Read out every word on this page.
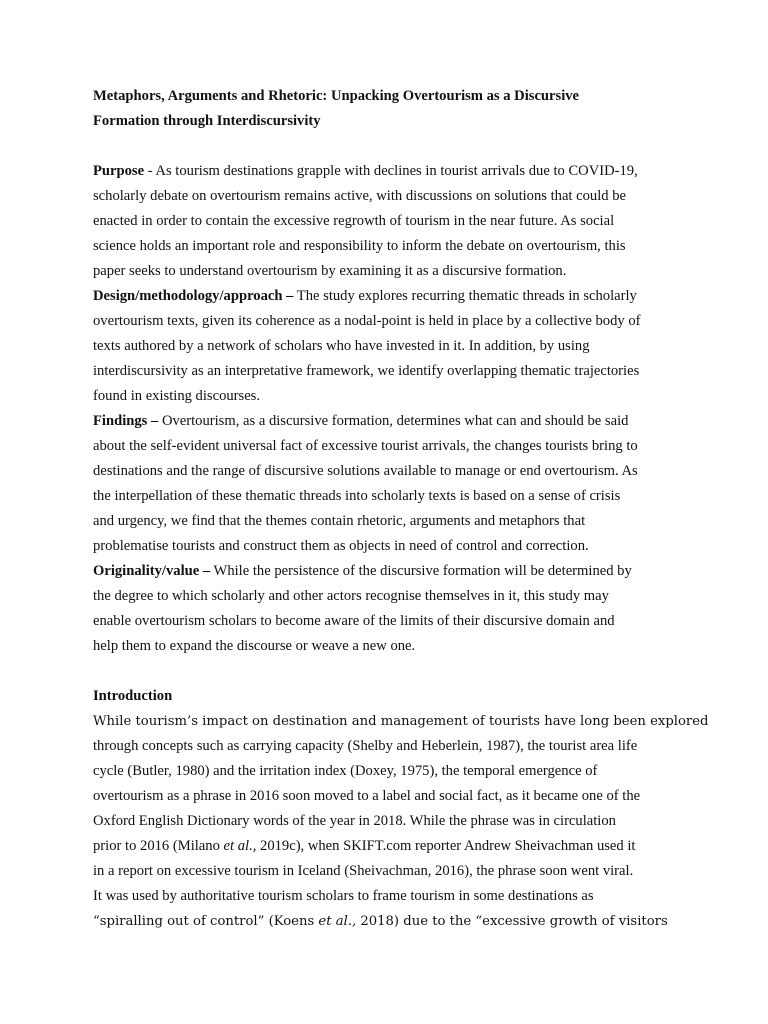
Metaphors, Arguments and Rhetoric: Unpacking Overtourism as a Discursive
Formation through Interdiscursivity
Purpose - As tourism destinations grapple with declines in tourist arrivals due to COVID-19,
scholarly debate on overtourism remains active, with discussions on solutions that could be
enacted in order to contain the excessive regrowth of tourism in the near future. As social
science holds an important role and responsibility to inform the debate on overtourism, this
paper seeks to understand overtourism by examining it as a discursive formation.
Design/methodology/approach – The study explores recurring thematic threads in scholarly
overtourism texts, given its coherence as a nodal-point is held in place by a collective body of
texts authored by a network of scholars who have invested in it. In addition, by using
interdiscursivity as an interpretative framework, we identify overlapping thematic trajectories
found in existing discourses.
Findings – Overtourism, as a discursive formation, determines what can and should be said
about the self-evident universal fact of excessive tourist arrivals, the changes tourists bring to
destinations and the range of discursive solutions available to manage or end overtourism. As
the interpellation of these thematic threads into scholarly texts is based on a sense of crisis
and urgency, we find that the themes contain rhetoric, arguments and metaphors that
problematise tourists and construct them as objects in need of control and correction.
Originality/value – While the persistence of the discursive formation will be determined by
the degree to which scholarly and other actors recognise themselves in it, this study may
enable overtourism scholars to become aware of the limits of their discursive domain and
help them to expand the discourse or weave a new one.
Introduction
While tourism’s impact on destination and management of tourists have long been explored
through concepts such as carrying capacity (Shelby and Heberlein, 1987), the tourist area life
cycle (Butler, 1980) and the irritation index (Doxey, 1975), the temporal emergence of
overtourism as a phrase in 2016 soon moved to a label and social fact, as it became one of the
Oxford English Dictionary words of the year in 2018. While the phrase was in circulation
prior to 2016 (Milano et al., 2019c), when SKIFT.com reporter Andrew Sheivachman used it
in a report on excessive tourism in Iceland (Sheivachman, 2016), the phrase soon went viral.
It was used by authoritative tourism scholars to frame tourism in some destinations as
“spiralling out of control” (Koens et al., 2018) due to the “excessive growth of visitors
